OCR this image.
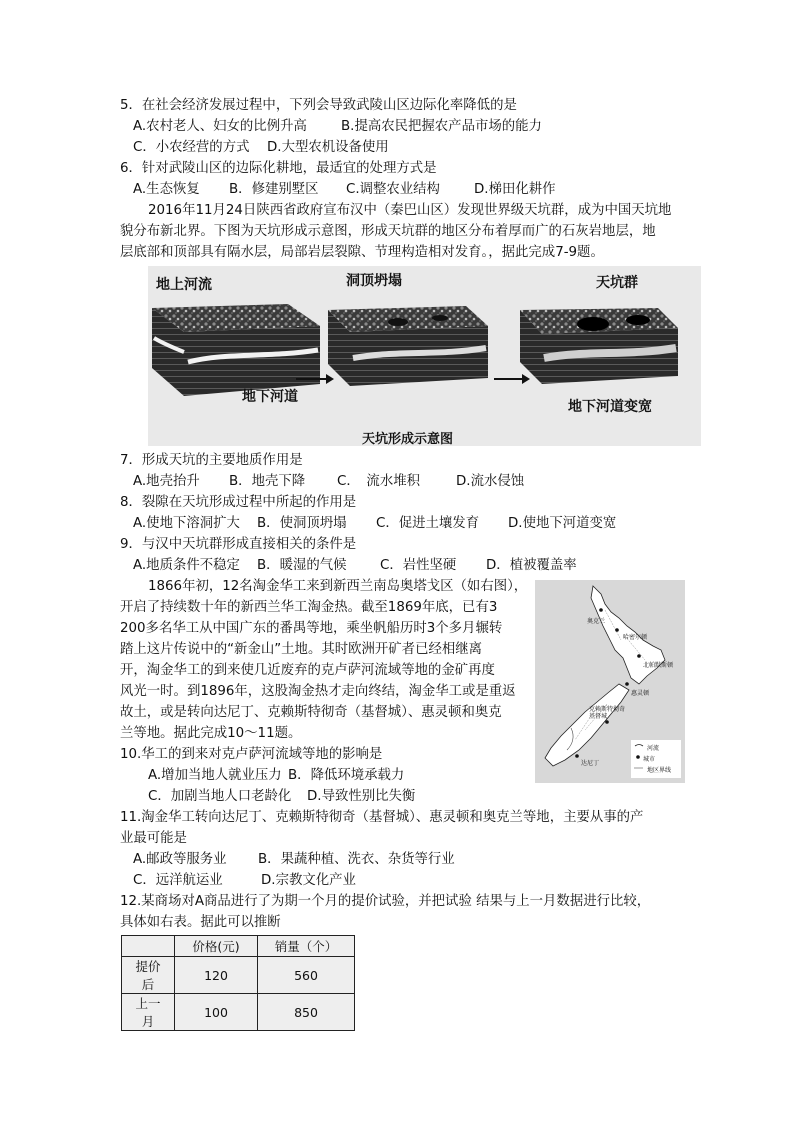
5．在社会经济发展过程中，下列会导致武陵山区边际化率降低的是
A.农村老人、妇女的比例升高	B.提高农民把握农产品市场的能力
C．小农经营的方式 D.大型农机设备使用
6．针对武陵山区的边际化耕地，最适宜的处理方式是
A.生态恢复 B．修建别墅区 C.调整农业结构	D.梯田化耕作
2016年11月24日陕西省政府宣布汉中（秦巴山区）发现世界级天坑群，成为中国天坑地
貌分布新北界。下图为天坑形成示意图，形成天坑群的地区分布着厚而广的石灰岩地层，地
层底部和顶部具有隔水层，局部岩层裂隙、节理构造相对发育。，据此完成7-9题。
地上河流	洞顶坍塌	天坑群
地下河道
地下河道变宽
天坑形成示意图
7．形成天坑的主要地质作用是
A.地壳抬升 B．地壳下降 C．　流水堆积	D.流水侵蚀
8．裂隙在天坑形成过程中所起的作用是
A.使地下溶洞扩大 B．使洞顶坍塌 C．促进土壤发育 D.使地下河道变宽
9．与汉中天坑群形成直接相关的条件是
A.地质条件不稳定 B．暖湿的气候 C．岩性坚硬 D．植被覆盖率
1866年初，12名淘金华工来到新西兰南岛奥塔戈区（如右图），
开启了持续数十年的新西兰华工淘金热。截至1869年底，已有3
200多名华工从中国广东的番禺等地，乘坐帆船历时3个多月辗转
踏上这片传说中的“新金山”土地。其时欧洲开矿者已经相继离
开，淘金华工的到来使几近废弃的克卢萨河流域等地的金矿再度
风光一时。到1896年，这股淘金热才走向终结，淘金华工或是重返
故土，或是转向达尼丁、克赖斯特彻奇（基督城）、惠灵顿和奥克
兰等地。据此完成10～11题。
奥克兰
哈密尔顿
北帕默斯顿
惠灵顿
克赖斯特彻奇 基督城
达尼丁
河流
城市
地区界线
10.华工的到来对克卢萨河流域等地的影响是
A.增加当地人就业压力 B．降低环境承载力
C．加剧当地人口老龄化 D.导致性别比失衡
11.淘金华工转向达尼丁、克赖斯特彻奇（基督城）、惠灵顿和奥克兰等地，主要从事的产
业最可能是
A.邮政等服务业 B．果蔬种植、洗衣、杂货等行业
C．远洋航运业	D.宗教文化产业
12.某商场对A商品进行了为期一个月的提价试验，并把试验 结果与上一月数据进行比较，
具体如右表。据此可以推断
	价格(元)	销量（个）
提价后	120	560
上一月	100	850
